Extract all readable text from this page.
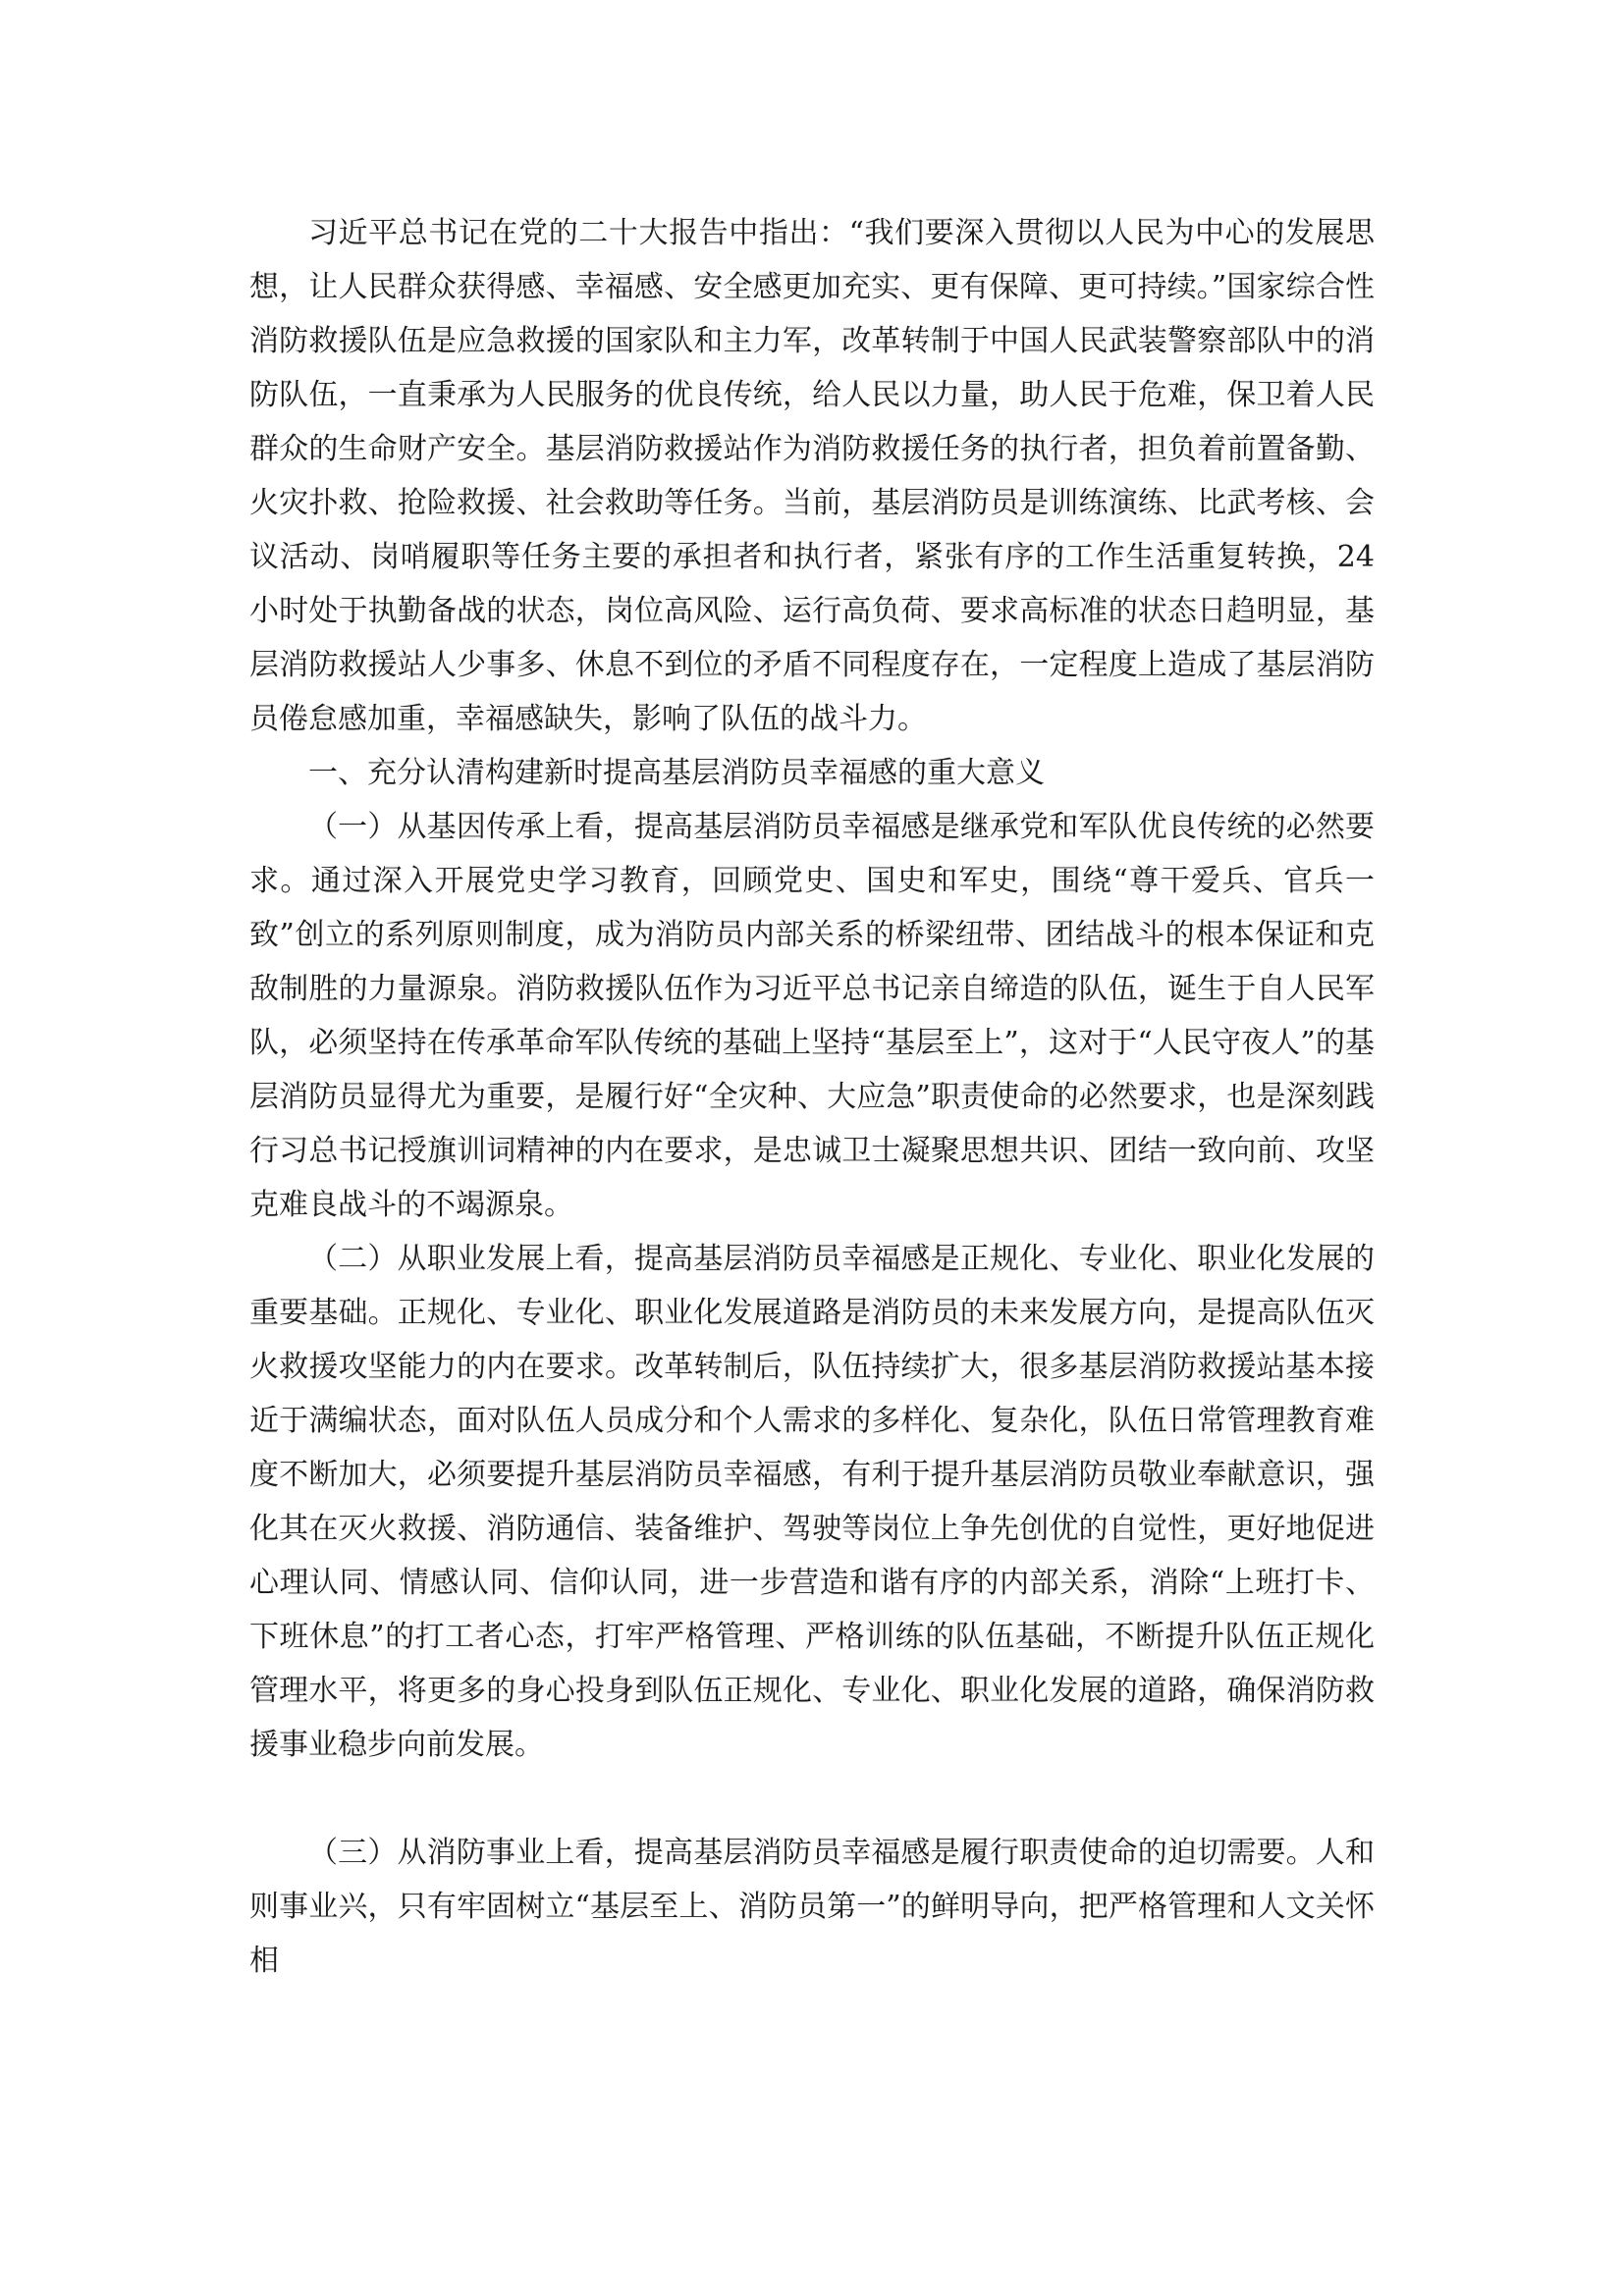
习近平总书记在党的二十大报告中指出：“我们要深入贯彻以人民为中心的发展思想，让人民群众获得感、幸福感、安全感更加充实、更有保障、更可持续。”国家综合性消防救援队伍是应急救援的国家队和主力军，改革转制于中国人民武装警察部队中的消防队伍，一直秉承为人民服务的优良传统，给人民以力量，助人民于危难，保卫着人民群众的生命财产安全。基层消防救援站作为消防救援任务的执行者，担负着前置备勤、火灾扑救、抢险救援、社会救助等任务。当前，基层消防员是训练演练、比武考核、会议活动、岗哨履职等任务主要的承担者和执行者，紧张有序的工作生活重复转换，24 小时处于执勤备战的状态，岗位高风险、运行高负荷、要求高标准的状态日趋明显，基层消防救援站人少事多、休息不到位的矛盾不同程度存在，一定程度上造成了基层消防员倦怠感加重，幸福感缺失，影响了队伍的战斗力。

一、充分认清构建新时提高基层消防员幸福感的重大意义

（一）从基因传承上看，提高基层消防员幸福感是继承党和军队优良传统的必然要求。通过深入开展党史学习教育，回顾党史、国史和军史，围绕“尊干爱兵、官兵一致”创立的系列原则制度，成为消防员内部关系的桥梁纽带、团结战斗的根本保证和克敌制胜的力量源泉。消防救援队伍作为习近平总书记亲自缔造的队伍，诞生于自人民军队，必须坚持在传承革命军队传统的基础上坚持“基层至上”，这对于“人民守夜人”的基层消防员显得尤为重要，是履行好“全灾种、大应急”职责使命的必然要求，也是深刻践行习总书记授旗训词精神的内在要求，是忠诚卫士凝聚思想共识、团结一致向前、攻坚克难良战斗的不竭源泉。

（二）从职业发展上看，提高基层消防员幸福感是正规化、专业化、职业化发展的重要基础。正规化、专业化、职业化发展道路是消防员的未来发展方向，是提高队伍灭火救援攻坚能力的内在要求。改革转制后，队伍持续扩大，很多基层消防救援站基本接近于满编状态，面对队伍人员成分和个人需求的多样化、复杂化，队伍日常管理教育难度不断加大，必须要提升基层消防员幸福感，有利于提升基层消防员敬业奉献意识，强化其在灭火救援、消防通信、装备维护、驾驶等岗位上争先创优的自觉性，更好地促进心理认同、情感认同、信仰认同，进一步营造和谐有序的内部关系，消除“上班打卡、下班休息”的打工者心态，打牢严格管理、严格训练的队伍基础，不断提升队伍正规化管理水平，将更多的身心投身到队伍正规化、专业化、职业化发展的道路，确保消防救援事业稳步向前发展。

（三）从消防事业上看，提高基层消防员幸福感是履行职责使命的迫切需要。人和则事业兴，只有牢固树立“基层至上、消防员第一”的鲜明导向，把严格管理和人文关怀相
